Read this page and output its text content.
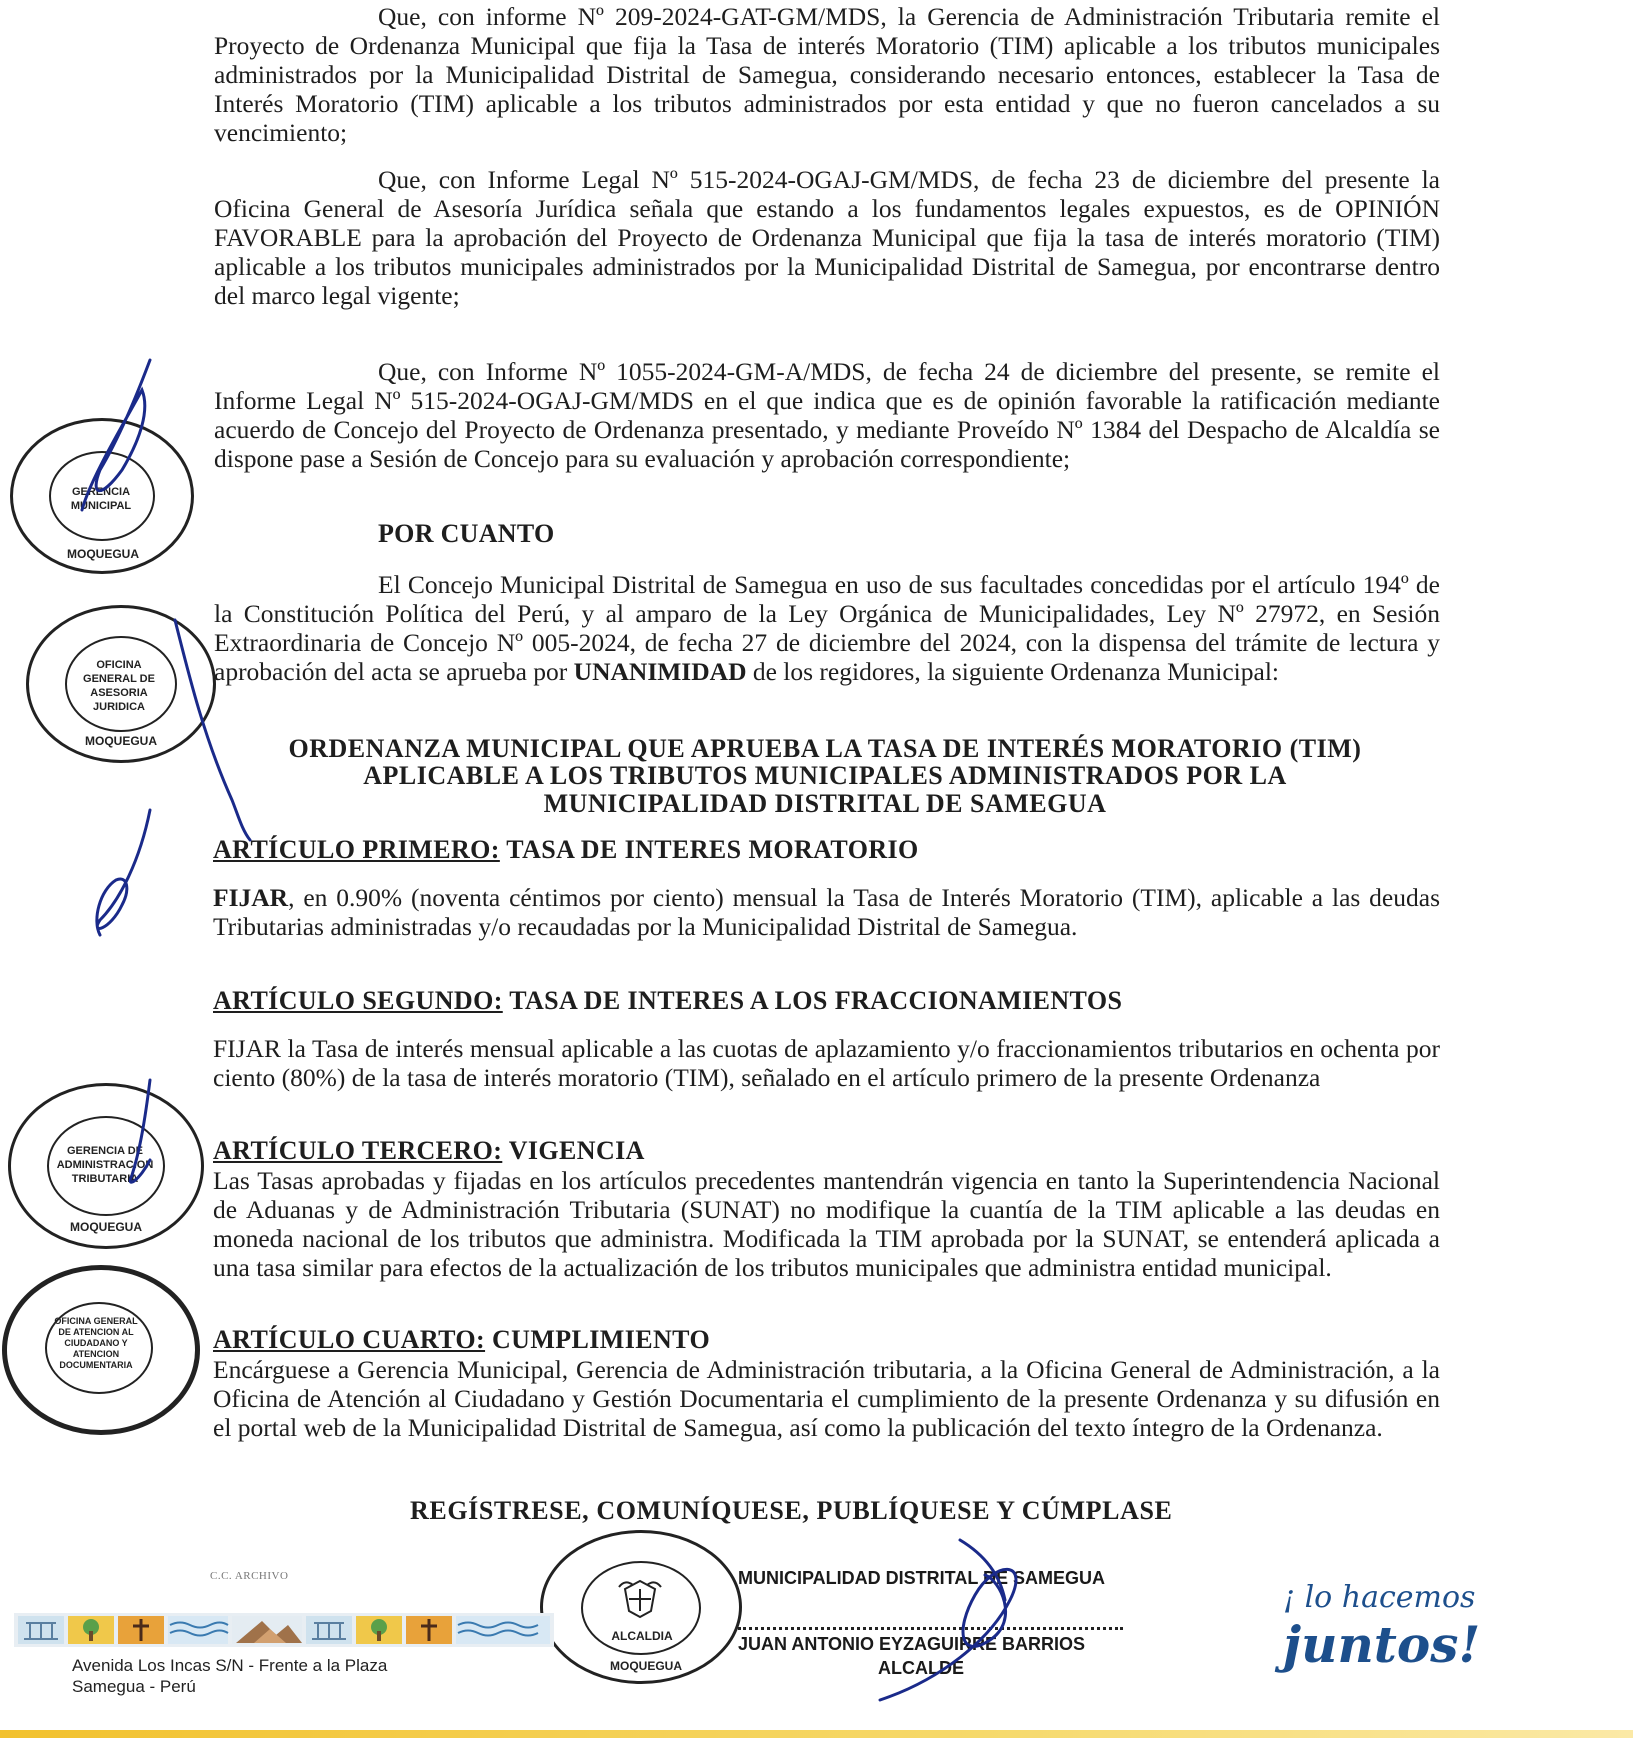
Que, con informe Nº 209-2024-GAT-GM/MDS, la Gerencia de Administración Tributaria remite el Proyecto de Ordenanza Municipal que fija la Tasa de interés Moratorio (TIM) aplicable a los tributos municipales administrados por la Municipalidad Distrital de Samegua, considerando necesario entonces, establecer la Tasa de Interés Moratorio (TIM) aplicable a los tributos administrados por esta entidad y que no fueron cancelados a su vencimiento;

Que, con Informe Legal Nº 515-2024-OGAJ-GM/MDS, de fecha 23 de diciembre del presente la Oficina General de Asesoría Jurídica señala que estando a los fundamentos legales expuestos, es de OPINIÓN FAVORABLE para la aprobación del Proyecto de Ordenanza Municipal que fija la tasa de interés moratorio (TIM) aplicable a los tributos municipales administrados por la Municipalidad Distrital de Samegua, por encontrarse dentro del marco legal vigente;

Que, con Informe Nº 1055-2024-GM-A/MDS, de fecha 24 de diciembre del presente, se remite el Informe Legal Nº 515-2024-OGAJ-GM/MDS en el que indica que es de opinión favorable la ratificación mediante acuerdo de Concejo del Proyecto de Ordenanza presentado, y mediante Proveído Nº 1384 del Despacho de Alcaldía se dispone pase a Sesión de Concejo para su evaluación y aprobación correspondiente;

POR CUANTO

El Concejo Municipal Distrital de Samegua en uso de sus facultades concedidas por el artículo 194º de la Constitución Política del Perú, y al amparo de la Ley Orgánica de Municipalidades, Ley Nº 27972, en Sesión Extraordinaria de Concejo Nº 005-2024, de fecha 27 de diciembre del 2024, con la dispensa del trámite de lectura y aprobación del acta se aprueba por UNANIMIDAD de los regidores, la siguiente Ordenanza Municipal:

ORDENANZA MUNICIPAL QUE APRUEBA LA TASA DE INTERÉS MORATORIO (TIM)

APLICABLE A LOS TRIBUTOS MUNICIPALES ADMINISTRADOS POR LA

MUNICIPALIDAD DISTRITAL DE SAMEGUA

ARTÍCULO PRIMERO: TASA DE INTERES MORATORIO

FIJAR, en 0.90% (noventa céntimos por ciento) mensual la Tasa de Interés Moratorio (TIM), aplicable a las deudas Tributarias administradas y/o recaudadas por la Municipalidad Distrital de Samegua.

ARTÍCULO SEGUNDO: TASA DE INTERES A LOS FRACCIONAMIENTOS

FIJAR la Tasa de interés mensual aplicable a las cuotas de aplazamiento y/o fraccionamientos tributarios en ochenta por ciento (80%) de la tasa de interés moratorio (TIM), señalado en el artículo primero de la presente Ordenanza

ARTÍCULO TERCERO: VIGENCIA

Las Tasas aprobadas y fijadas en los artículos precedentes mantendrán vigencia en tanto la Superintendencia Nacional de Aduanas y de Administración Tributaria (SUNAT) no modifique la cuantía de la TIM aplicable a las deudas en moneda nacional de los tributos que administra. Modificada la TIM aprobada por la SUNAT, se entenderá aplicada a una tasa similar para efectos de la actualización de los tributos municipales que administra entidad municipal.

ARTÍCULO CUARTO: CUMPLIMIENTO

Encárguese a Gerencia Municipal, Gerencia de Administración tributaria, a la Oficina General de Administración, a la Oficina de Atención al Ciudadano y Gestión Documentaria el cumplimiento de la presente Ordenanza y su difusión en el portal web de la Municipalidad Distrital de Samegua, así como la publicación del texto íntegro de la Ordenanza.

REGÍSTRESE, COMUNÍQUESE, PUBLÍQUESE Y CÚMPLASE

C.C. ARCHIVO

GERENCIA MUNICIPAL
MOQUEGUA
OFICINA GENERAL DE ASESORIA JURIDICA
MOQUEGUA
GERENCIA DE ADMINISTRACION TRIBUTARIA
MOQUEGUA
OFICINA GENERAL DE ATENCION AL CIUDADANO Y ATENCION DOCUMENTARIA
ALCALDIA
MOQUEGUA

MUNICIPALIDAD DISTRITAL DE SAMEGUA

JUAN ANTONIO EYZAGUIRRE BARRIOS

ALCALDE

Avenida Los Incas S/N - Frente a la Plaza
Samegua - Perú

¡ lo hacemos juntos!
